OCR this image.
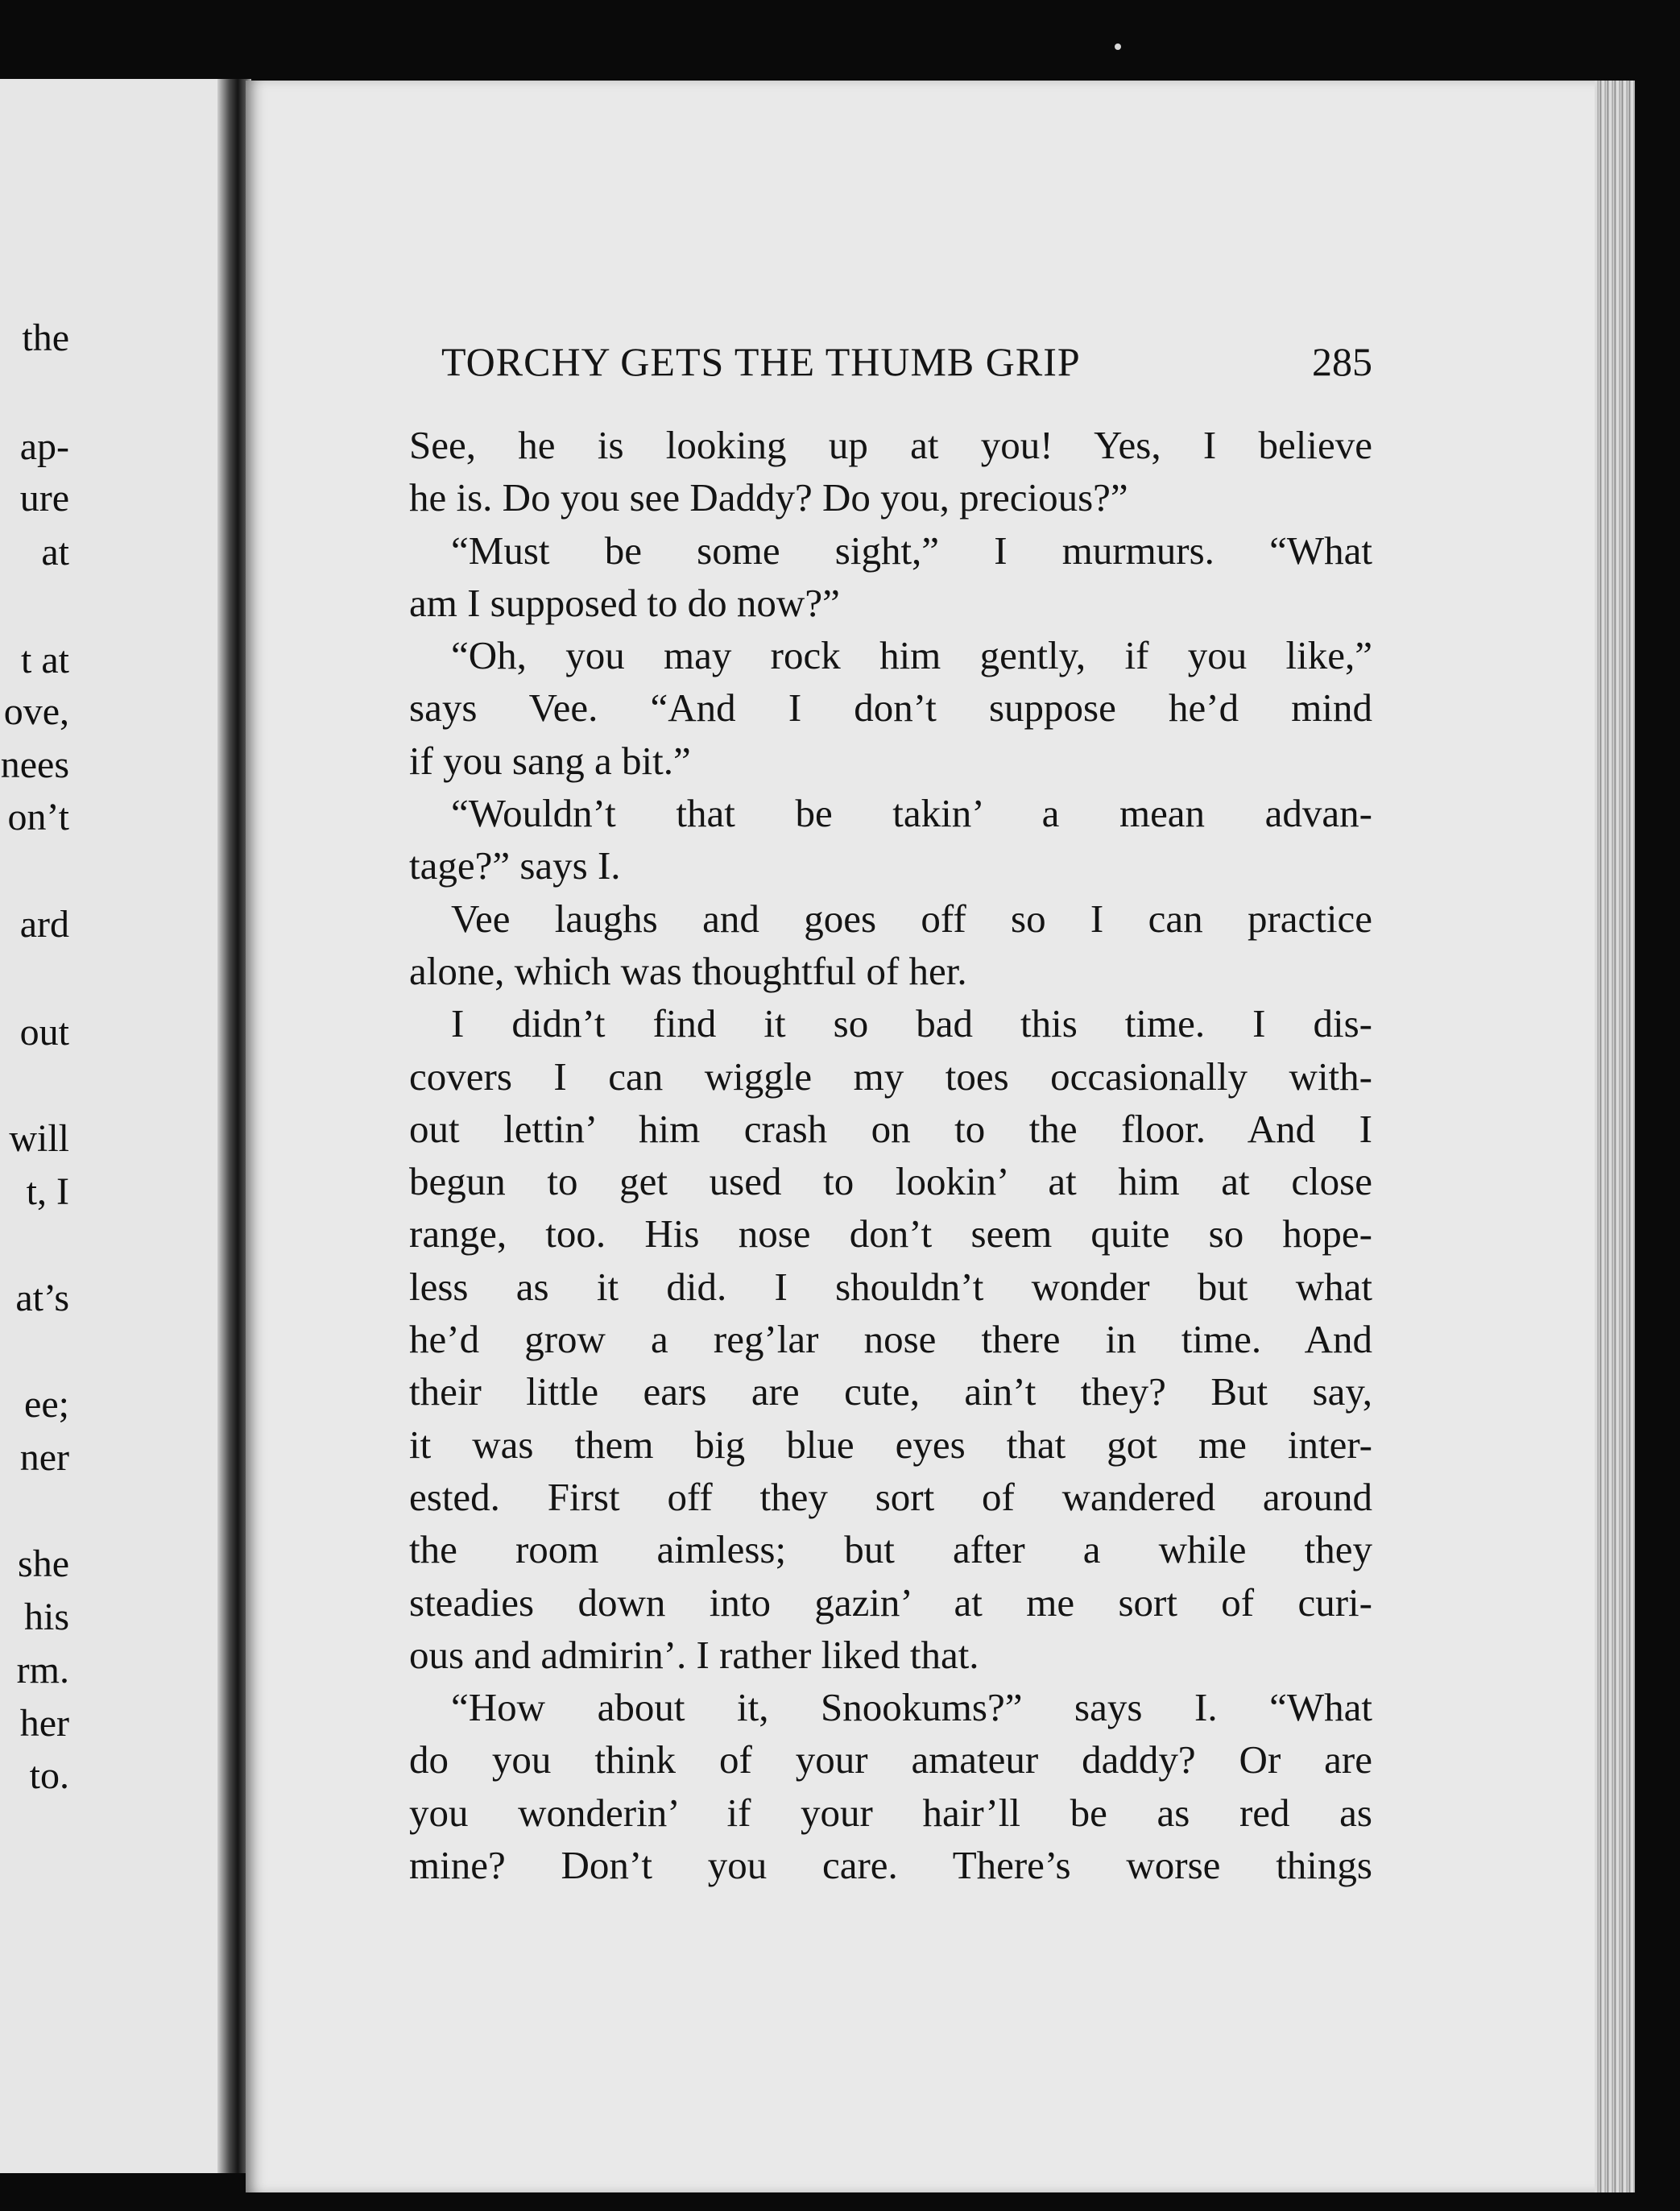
the
ap-
ure
at
t at
ove,
nees
on’t
ard
out
will
t, I
at’s
ee;
ner
she
his
rm.
her
to.
TORCHY GETS THE THUMB GRIP	285
See, he is looking up at you! Yes, I believe
he is. Do you see Daddy? Do you, precious?”
“Must be some sight,” I murmurs. “What
am I supposed to do now?”
“Oh, you may rock him gently, if you like,”
says Vee. “And I don’t suppose he’d mind
if you sang a bit.”
“Wouldn’t that be takin’ a mean advan-
tage?” says I.
Vee laughs and goes off so I can practice
alone, which was thoughtful of her.
I didn’t find it so bad this time. I dis-
covers I can wiggle my toes occasionally with-
out lettin’ him crash on to the floor. And I
begun to get used to lookin’ at him at close
range, too. His nose don’t seem quite so hope-
less as it did. I shouldn’t wonder but what
he’d grow a reg’lar nose there in time. And
their little ears are cute, ain’t they? But say,
it was them big blue eyes that got me inter-
ested. First off they sort of wandered around
the room aimless; but after a while they
steadies down into gazin’ at me sort of curi-
ous and admirin’. I rather liked that.
“How about it, Snookums?” says I. “What
do you think of your amateur daddy? Or are
you wonderin’ if your hair’ll be as red as
mine? Don’t you care. There’s worse things
